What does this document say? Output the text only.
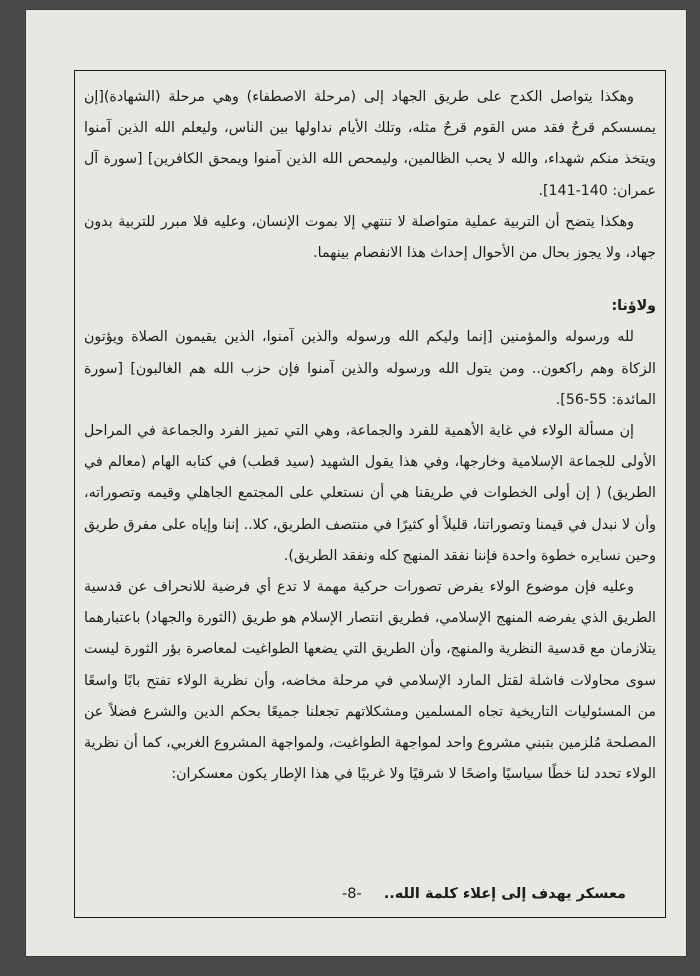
وهكذا يتواصل الكدح على طريق الجهاد إلى (مرحلة الاصطفاء) وهي مرحلة (الشهادة)[إن يمسسكم قرحٌ فقد مس القوم قرحٌ مثله، وتلك الأيام نداولها بين الناس، وليعلم الله الذين آمنوا ويتخذ منكم شهداء، والله لا يحب الظالمين، وليمحص الله الذين آمنوا ويمحق الكافرين] [سورة آل عمران: 140-141].

وهكذا يتضح أن التربية عملية متواصلة لا تنتهي إلا بموت الإنسان، وعليه فلا مبرر للتربية بدون جهاد، ولا يجوز بحال من الأحوال إحداث هذا الانفصام بينهما.

ولاؤنا:

لله ورسوله والمؤمنين [إنما وليكم الله ورسوله والذين آمنوا، الذين يقيمون الصلاة ويؤتون الزكاة وهم راكعون.. ومن يتول الله ورسوله والذين آمنوا فإن حزب الله هم الغالبون] [سورة المائدة: 55-56].

إن مسألة الولاء في غاية الأهمية للفرد والجماعة، وهي التي تميز الفرد والجماعة في المراحل الأولى للجماعة الإسلامية وخارجها، وفي هذا يقول الشهيد (سيد قطب) في كتابه الهام (معالم في الطريق) ( إن أولى الخطوات في طريقنا هي أن نستعلي على المجتمع الجاهلي وقيمه وتصوراته، وأن لا نبدل في قيمنا وتصوراتنا، قليلاً أو كثيرًا في منتصف الطريق، كلا.. إننا وإياه على مفرق طريق وحين نسايره خطوة واحدة فإننا نفقد المنهج كله ونفقد الطريق).

وعليه فإن موضوع الولاء يفرض تصورات حركية مهمة لا تدع أي فرضية للانحراف عن قدسية الطريق الذي يفرضه المنهج الإسلامي، فطريق انتصار الإسلام هو طريق (الثورة والجهاد) باعتبارهما يتلازمان مع قدسية النظرية والمنهج، وأن الطريق التي يضعها الطواغيت لمعاصرة بؤر الثورة ليست سوى محاولات فاشلة لقتل المارد الإسلامي في مرحلة مخاضه، وأن نظرية الولاء تفتح بابًا واسعًا من المسئوليات التاريخية تجاه المسلمين ومشكلاتهم تجعلنا جميعًا بحكم الدين والشرع فضلاً عن المصلحة مُلزمين بتبني مشروع واحد لمواجهة الطواغيت، ولمواجهة المشروع الغربي، كما أن نظرية الولاء تحدد لنا خطًا سياسيًا واضحًا لا شرقيًا ولا غربيًا في هذا الإطار يكون معسكران:

معسكر يهدف إلى إعلاء كلمة الله..
-8-
